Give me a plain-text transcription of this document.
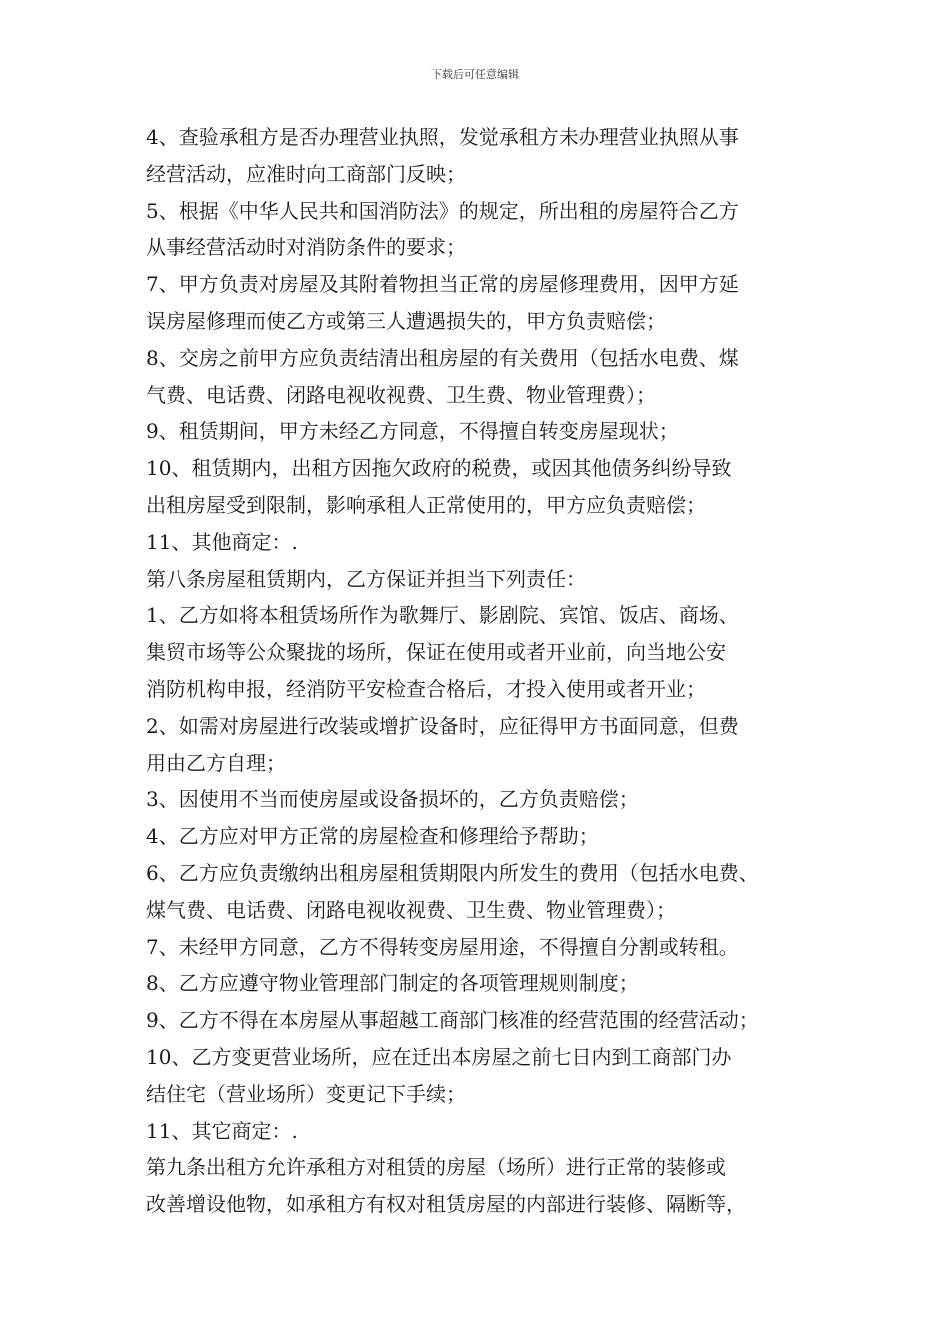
下载后可任意编辑
4、查验承租方是否办理营业执照，发觉承租方未办理营业执照从事
经营活动，应准时向工商部门反映；
5、根据《中华人民共和国消防法》的规定，所出租的房屋符合乙方
从事经营活动时对消防条件的要求；
7、甲方负责对房屋及其附着物担当正常的房屋修理费用，因甲方延
误房屋修理而使乙方或第三人遭遇损失的，甲方负责赔偿；
8、交房之前甲方应负责结清出租房屋的有关费用（包括水电费、煤
气费、电话费、闭路电视收视费、卫生费、物业管理费）；
9、租赁期间，甲方未经乙方同意，不得擅自转变房屋现状；
10、租赁期内，出租方因拖欠政府的税费，或因其他债务纠纷导致
出租房屋受到限制，影响承租人正常使用的，甲方应负责赔偿；
11、其他商定：.
第八条房屋租赁期内，乙方保证并担当下列责任：
1、乙方如将本租赁场所作为歌舞厅、影剧院、宾馆、饭店、商场、
集贸市场等公众聚拢的场所，保证在使用或者开业前，向当地公安
消防机构申报，经消防平安检查合格后，才投入使用或者开业；
2、如需对房屋进行改装或增扩设备时，应征得甲方书面同意，但费
用由乙方自理；
3、因使用不当而使房屋或设备损坏的，乙方负责赔偿；
4、乙方应对甲方正常的房屋检查和修理给予帮助；
6、乙方应负责缴纳出租房屋租赁期限内所发生的费用（包括水电费、
煤气费、电话费、闭路电视收视费、卫生费、物业管理费）；
7、未经甲方同意，乙方不得转变房屋用途，不得擅自分割或转租。
8、乙方应遵守物业管理部门制定的各项管理规则制度；
9、乙方不得在本房屋从事超越工商部门核准的经营范围的经营活动；
10、乙方变更营业场所，应在迁出本房屋之前七日内到工商部门办
结住宅（营业场所）变更记下手续；
11、其它商定：.
第九条出租方允许承租方对租赁的房屋（场所）进行正常的装修或
改善增设他物，如承租方有权对租赁房屋的内部进行装修、隔断等，
